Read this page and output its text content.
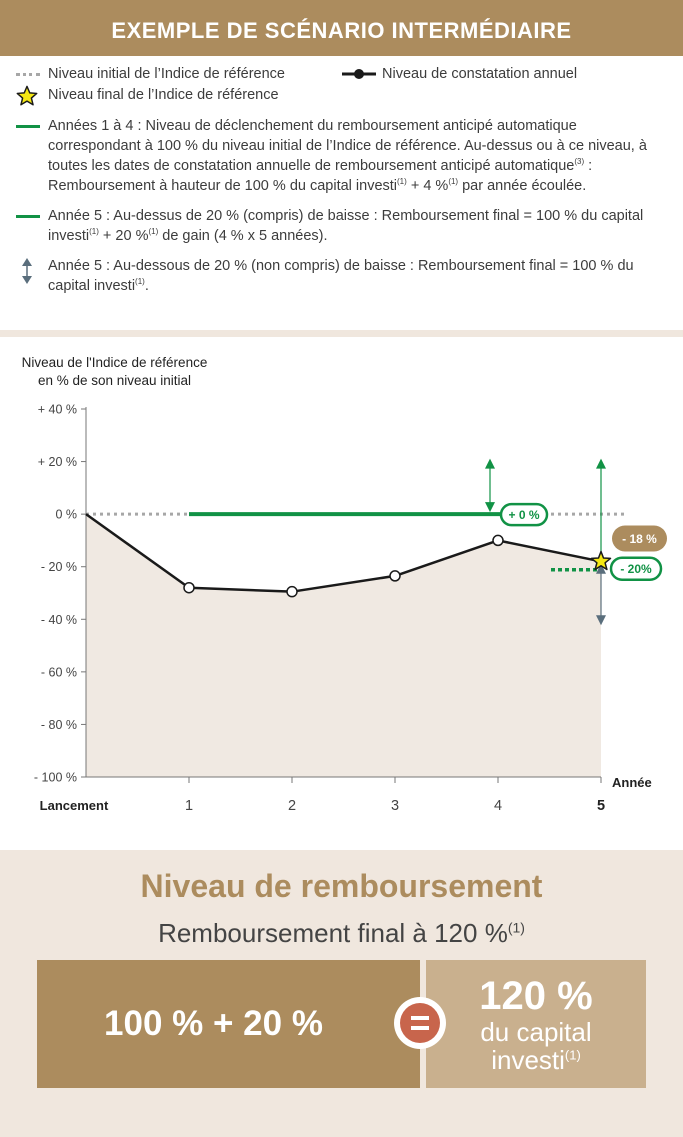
EXEMPLE DE SCÉNARIO INTERMÉDIAIRE
Niveau initial de l’Indice de référence	Niveau de constatation annuel
Niveau final de l’Indice de référence
Années 1 à 4 : Niveau de déclenchement du remboursement anticipé automatique correspondant à 100 % du niveau initial de l’Indice de référence. Au-dessus ou à ce niveau, à toutes les dates de constatation annuelle de remboursement anticipé automatique$^{(3)}$ : Remboursement à hauteur de 100 % du capital investi$^{(1)}$ + 4 %$^{(1)}$ par année écoulée.
Année 5 : Au-dessus de 20 % (compris) de baisse : Remboursement final = 100 % du capital investi$^{(1)}$ + 20 %$^{(1)}$ de gain (4 % x 5 années).
Année 5 : Au-dessous de 20 % (non compris) de baisse : Remboursement final = 100 % du capital investi$^{(1)}$.
Niveau de l'Indice de référence
en % de son niveau initial
+ 40 %
+ 20 %
0 %
- 20 %
- 40 %
- 60 %
- 80 %
- 100 %
Lancement	1	2	3	4	5
Année
+ 0 %
- 20%
- 18 %
Niveau de remboursement
Remboursement final à 120 %$^{(1)}$
100 % + 20 %
120 %
du capital
investi$^{(1)}$
